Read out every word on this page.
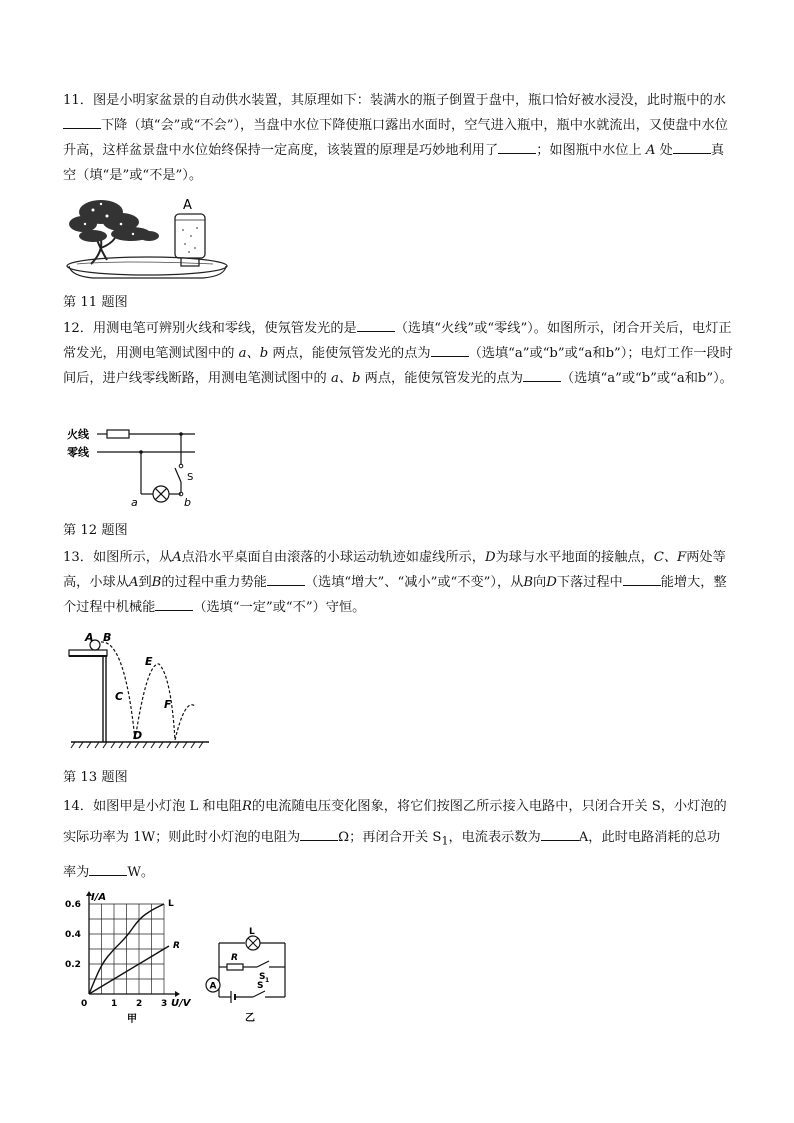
11．图是小明家盆景的自动供水装置，其原理如下：装满水的瓶子倒置于盘中，瓶口恰好被水浸没，此时瓶中的水下降（填“会”或“不会”），当盘中水位下降使瓶口露出水面时，空气进入瓶中，瓶中水就流出，又使盘中水位升高，这样盆景盘中水位始终保持一定高度，该装置的原理是巧妙地利用了	；如图瓶中水位上 A 处	真空（填“是”或“不是”）。

A

第 11 题图

12．用测电笔可辨别火线和零线，使氖管发光的是	（选填“火线”或“零线”）。如图所示，闭合开关后，电灯正常发光，用测电笔测试图中的 a、b 两点，能使氖管发光的点为	（选填“a”或“b”或“a和b”）；电灯工作一段时间后，进户线零线断路，用测电笔测试图中的 a、b 两点，能使氖管发光的点为	（选填“a”或“b”或“a和b”）。

火线
零线
S
a	b

第 12 题图

13．如图所示，从A点沿水平桌面自由滚落的小球运动轨迹如虚线所示，D为球与水平地面的接触点，C、F两处等高，小球从A到B的过程中重力势能	（选填“增大”、“减小”或“不变”），从B向D下落过程中	能增大，整个过程中机械能	（选填“一定”或“不”）守恒。

A B
C
D
E
F

第 13 题图

14．如图甲是小灯泡 L 和电阻R的电流随电压变化图象，将它们按图乙所示接入电路中，只闭合开关 S，小灯泡的实际功率为 1W；则此时小灯泡的电阻为	Ω；再闭合开关 $S_1$，电流表示数为	A，此时电路消耗的总功率为	W。

L
R
0	1 2 3
0.2
0.4
0.6
I/A
U/V
甲
L
R
S 1
A	S
乙
